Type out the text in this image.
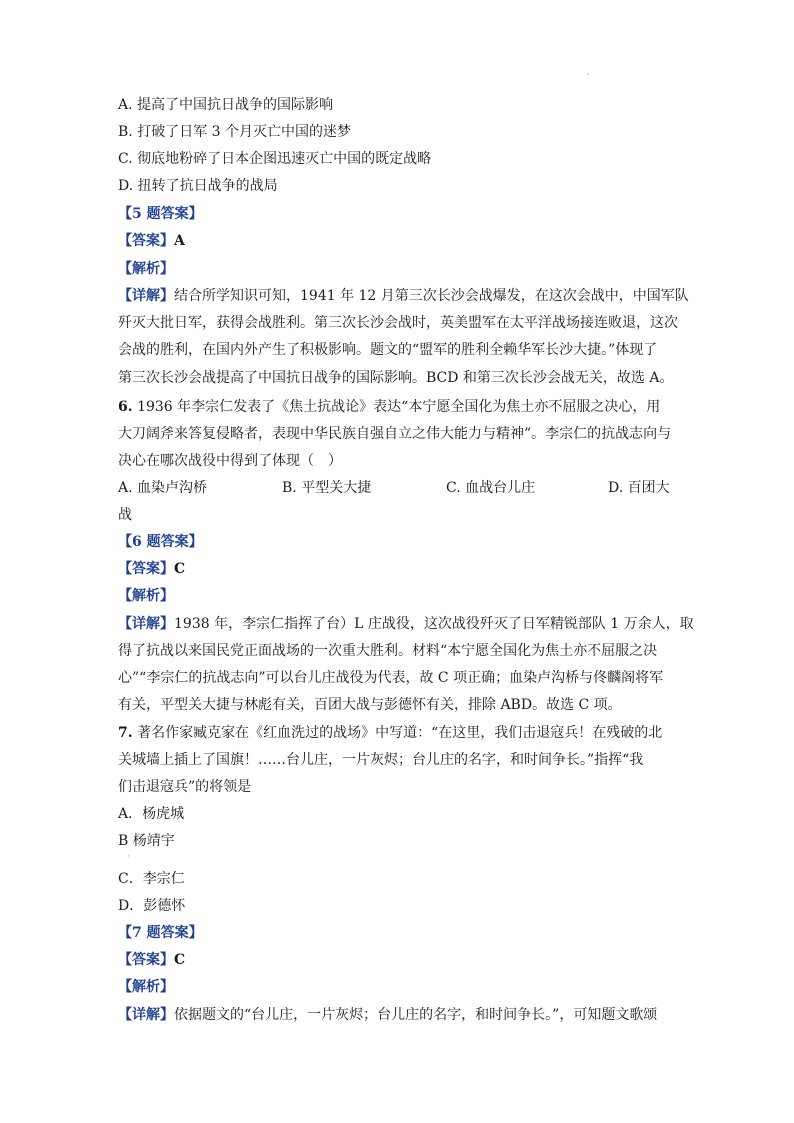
·
A. 提高了中国抗日战争的国际影响
B. 打破了日军 3 个月灭亡中国的迷梦
C. 彻底地粉碎了日本企图迅速灭亡中国的既定战略
D. 扭转了抗日战争的战局
【5 题答案】
【答案】A
【解析】
【详解】结合所学知识可知，1941 年 12 月第三次长沙会战爆发，在这次会战中，中国军队
歼灭大批日军，获得会战胜利。第三次长沙会战时，英美盟军在太平洋战场接连败退，这次
会战的胜利，在国内外产生了积极影响。题文的“盟军的胜利全赖华军长沙大捷。”体现了
第三次长沙会战提高了中国抗日战争的国际影响。BCD 和第三次长沙会战无关，故选 A。
6. 1936 年李宗仁发表了《焦土抗战论》表达“本宁愿全国化为焦土亦不屈服之决心，用
大刀阔斧来答复侵略者，表现中华民族自强自立之伟大能力与精神”。李宗仁的抗战志向与
决心在哪次战役中得到了体现（　）
A. 血染卢沟桥	B. 平型关大捷	C. 血战台儿庄	D. 百团大
战
【6 题答案】
【答案】C
【解析】
【详解】1938 年，李宗仁指挥了台）L 庄战役，这次战役歼灭了日军精锐部队 1 万余人，取
得了抗战以来国民党正面战场的一次重大胜利。材料“本宁愿全国化为焦土亦不屈服之决
心”“李宗仁的抗战志向”可以台儿庄战役为代表，故 C 项正确；血染卢沟桥与佟麟阁将军
有关，平型关大捷与林彪有关，百团大战与彭德怀有关，排除 ABD。故选 C 项。
7. 著名作家臧克家在《红血洗过的战场》中写道：“在这里，我们击退寇兵！在残破的北
关城墙上插上了国旗！……台儿庄，一片灰烬；台儿庄的名字，和时间争长。”指挥“我
们击退寇兵”的将领是
A．杨虎城
B 杨靖宇
·
C．李宗仁
D．彭德怀
【7 题答案】
【答案】C
【解析】
【详解】依据题文的“台儿庄，一片灰烬；台儿庄的名字，和时间争长。”，可知题文歌颂
